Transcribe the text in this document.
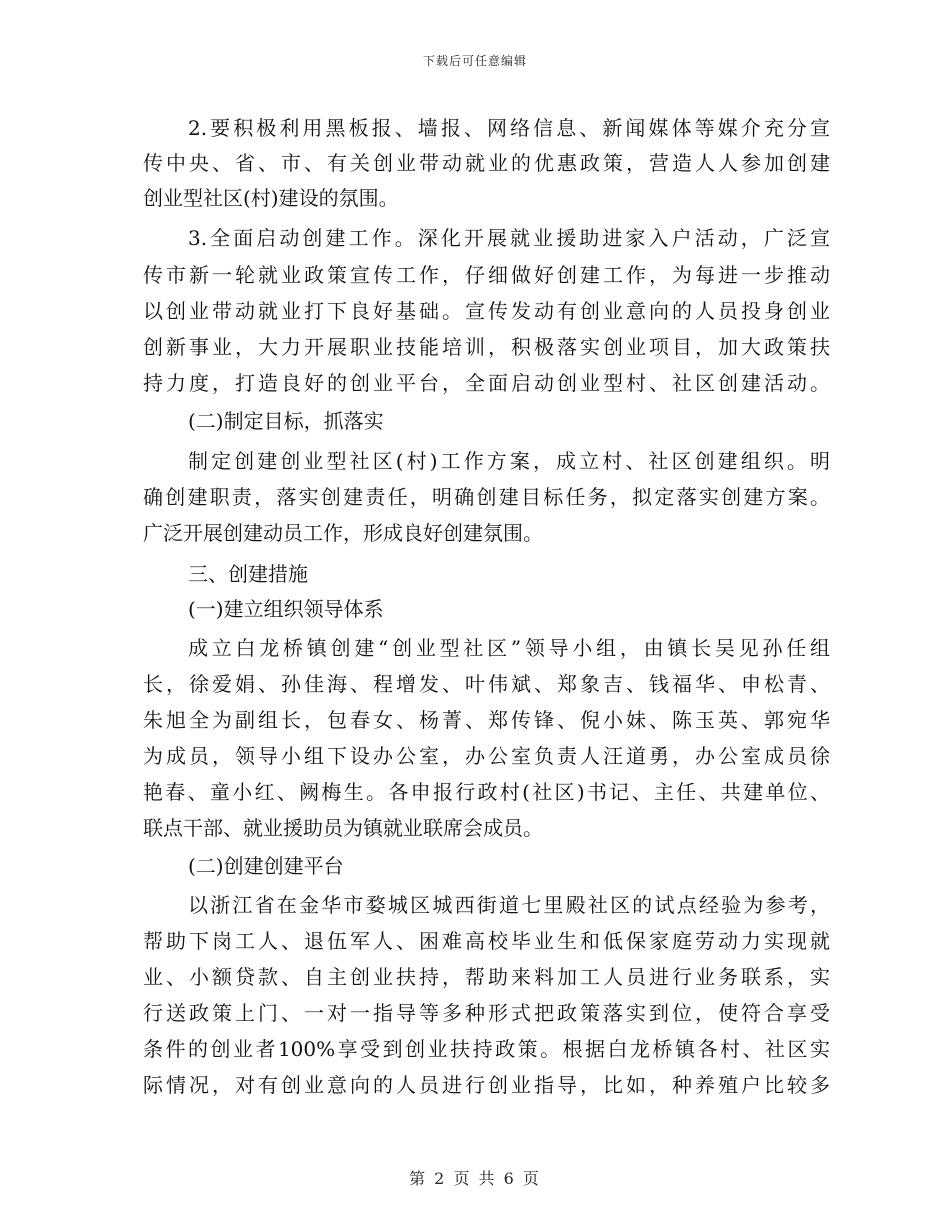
下载后可任意编辑
2.要积极利用黑板报、墙报、网络信息、新闻媒体等媒介充分宣
传中央、省、市、有关创业带动就业的优惠政策，营造人人参加创建
创业型社区(村)建设的氛围。
3.全面启动创建工作。深化开展就业援助进家入户活动，广泛宣
传市新一轮就业政策宣传工作，仔细做好创建工作，为每进一步推动
以创业带动就业打下良好基础。宣传发动有创业意向的人员投身创业
创新事业，大力开展职业技能培训，积极落实创业项目，加大政策扶
持力度，打造良好的创业平台，全面启动创业型村、社区创建活动。
(二)制定目标，抓落实
制定创建创业型社区(村)工作方案，成立村、社区创建组织。明
确创建职责，落实创建责任，明确创建目标任务，拟定落实创建方案。
广泛开展创建动员工作，形成良好创建氛围。
三、创建措施
(一)建立组织领导体系
成立白龙桥镇创建“创业型社区”领导小组，由镇长吴见孙任组
长，徐爱娟、孙佳海、程增发、叶伟斌、郑象吉、钱福华、申松青、
朱旭全为副组长，包春女、杨菁、郑传锋、倪小妹、陈玉英、郭宛华
为成员，领导小组下设办公室，办公室负责人汪道勇，办公室成员徐
艳春、童小红、阙梅生。各申报行政村(社区)书记、主任、共建单位、
联点干部、就业援助员为镇就业联席会成员。
(二)创建创建平台
以浙江省在金华市婺城区城西街道七里殿社区的试点经验为参考，
帮助下岗工人、退伍军人、困难高校毕业生和低保家庭劳动力实现就
业、小额贷款、自主创业扶持，帮助来料加工人员进行业务联系，实
行送政策上门、一对一指导等多种形式把政策落实到位，使符合享受
条件的创业者100%享受到创业扶持政策。根据白龙桥镇各村、社区实
际情况，对有创业意向的人员进行创业指导，比如，种养殖户比较多
第 2 页 共 6 页
